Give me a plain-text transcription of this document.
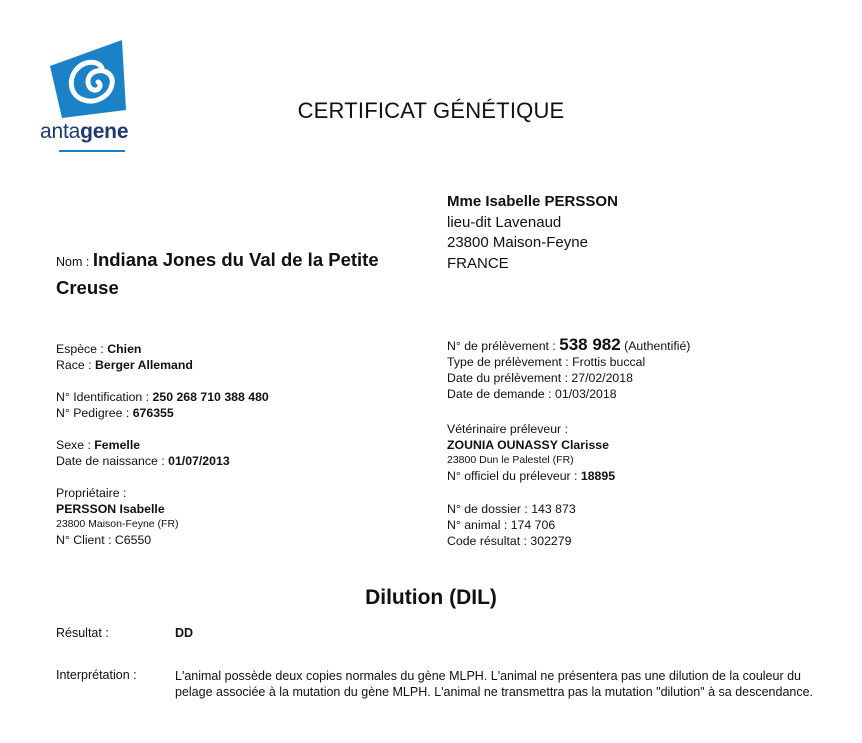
antagene
CERTIFICAT GÉNÉTIQUE
Mme Isabelle PERSSON
lieu-dit Lavenaud
23800 Maison-Feyne
FRANCE
Nom : Indiana Jones du Val de la Petite Creuse
Espèce : Chien
Race : Berger Allemand
N° Identification : 250 268 710 388 480
N° Pedigree : 676355
Sexe : Femelle
Date de naissance : 01/07/2013
Propriétaire :
PERSSON Isabelle
23800 Maison-Feyne (FR)
N° Client : C6550
N° de prélèvement : 538 982 (Authentifié)
Type de prélèvement : Frottis buccal
Date du prélèvement : 27/02/2018
Date de demande : 01/03/2018
Vétérinaire préleveur :
ZOUNIA OUNASSY Clarisse
23800 Dun le Palestel (FR)
N° officiel du préleveur : 18895
N° de dossier : 143 873
N° animal : 174 706
Code résultat : 302279
Dilution (DIL)
Résultat :	DD
Interprétation :	L'animal possède deux copies normales du gène MLPH. L'animal ne présentera pas une dilution de la couleur du pelage associée à la mutation du gène MLPH. L'animal ne transmettra pas la mutation "dilution" à sa descendance.
